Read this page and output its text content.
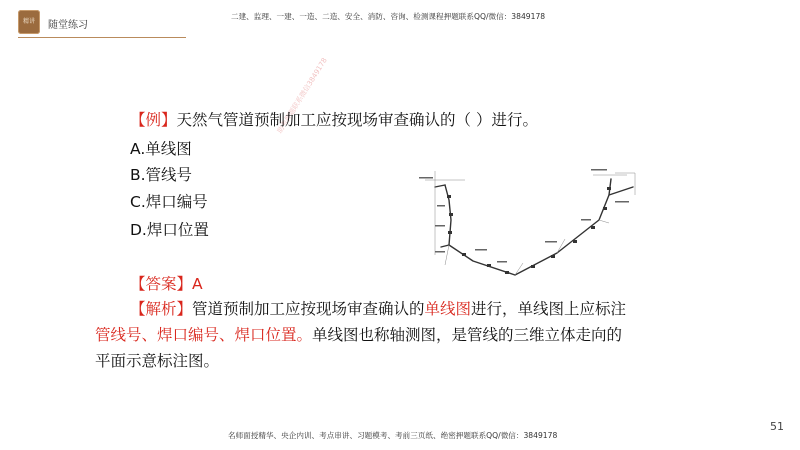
精讲	随堂练习
二建、监理、一建、一造、二造、安全、消防、咨询、检测课程押题联系QQ/微信：3849178
助考押题联系微信3849178
【例】天然气管道预制加工应按现场审查确认的（ ）进行。
A.单线图
B.管线号
C.焊口编号
D.焊口位置
【答案】A
【解析】管道预制加工应按现场审查确认的单线图进行，单线图上应标注
管线号、焊口编号、焊口位置。单线图也称轴测图，是管线的三维立体走向的
平面示意标注图。
51
名师面授精华、央企内训、考点串讲、习题模考、考前三页纸、绝密押题联系QQ/微信：3849178
